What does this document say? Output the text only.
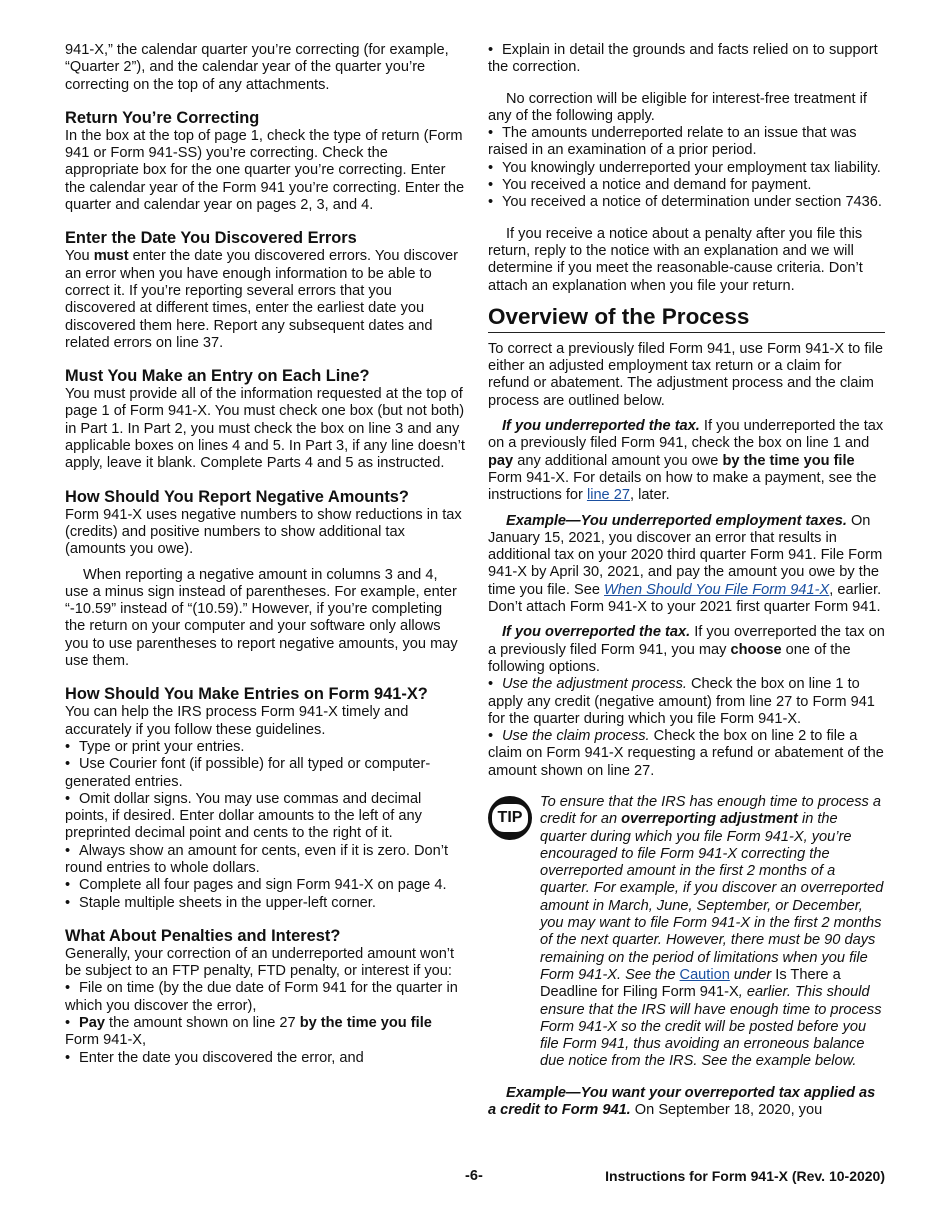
941-X,” the calendar quarter you’re correcting (for example, “Quarter 2”), and the calendar year of the quarter you’re correcting on the top of any attachments.

Return You’re Correcting

In the box at the top of page 1, check the type of return (Form 941 or Form 941-SS) you’re correcting. Check the appropriate box for the one quarter you’re correcting. Enter the calendar year of the Form 941 you’re correcting. Enter the quarter and calendar year on pages 2, 3, and 4.

Enter the Date You Discovered Errors

You must enter the date you discovered errors. You discover an error when you have enough information to be able to correct it. If you’re reporting several errors that you discovered at different times, enter the earliest date you discovered them here. Report any subsequent dates and related errors on line 37.

Must You Make an Entry on Each Line?

You must provide all of the information requested at the top of page 1 of Form 941-X. You must check one box (but not both) in Part 1. In Part 2, you must check the box on line 3 and any applicable boxes on lines 4 and 5. In Part 3, if any line doesn’t apply, leave it blank. Complete Parts 4 and 5 as instructed.

How Should You Report Negative Amounts?

Form 941-X uses negative numbers to show reductions in tax (credits) and positive numbers to show additional tax (amounts you owe).

When reporting a negative amount in columns 3 and 4, use a minus sign instead of parentheses. For example, enter “-10.59” instead of “(10.59).” However, if you’re completing the return on your computer and your software only allows you to use parentheses to report negative amounts, you may use them.

How Should You Make Entries on Form 941-X?

You can help the IRS process Form 941-X timely and accurately if you follow these guidelines.

• Type or print your entries.

• Use Courier font (if possible) for all typed or computer-generated entries.

• Omit dollar signs. You may use commas and decimal points, if desired. Enter dollar amounts to the left of any preprinted decimal point and cents to the right of it.

• Always show an amount for cents, even if it is zero. Don’t round entries to whole dollars.

• Complete all four pages and sign Form 941-X on page 4.

• Staple multiple sheets in the upper-left corner.

What About Penalties and Interest?

Generally, your correction of an underreported amount won’t be subject to an FTP penalty, FTD penalty, or interest if you:

• File on time (by the due date of Form 941 for the quarter in which you discover the error),

• Pay the amount shown on line 27 by the time you file Form 941-X,

• Enter the date you discovered the error, and

• Explain in detail the grounds and facts relied on to support the correction.

No correction will be eligible for interest-free treatment if any of the following apply.

• The amounts underreported relate to an issue that was raised in an examination of a prior period.

• You knowingly underreported your employment tax liability.

• You received a notice and demand for payment.

• You received a notice of determination under section 7436.

If you receive a notice about a penalty after you file this return, reply to the notice with an explanation and we will determine if you meet the reasonable-cause criteria. Don’t attach an explanation when you file your return.

Overview of the Process

To correct a previously filed Form 941, use Form 941-X to file either an adjusted employment tax return or a claim for refund or abatement. The adjustment process and the claim process are outlined below.

If you underreported the tax. If you underreported the tax on a previously filed Form 941, check the box on line 1 and pay any additional amount you owe by the time you file Form 941-X. For details on how to make a payment, see the instructions for line 27, later.

Example—You underreported employment taxes. On January 15, 2021, you discover an error that results in additional tax on your 2020 third quarter Form 941. File Form 941-X by April 30, 2021, and pay the amount you owe by the time you file. See When Should You File Form 941-X, earlier. Don’t attach Form 941-X to your 2021 first quarter Form 941.

If you overreported the tax. If you overreported the tax on a previously filed Form 941, you may choose one of the following options.

• Use the adjustment process. Check the box on line 1 to apply any credit (negative amount) from line 27 to Form 941 for the quarter during which you file Form 941-X.

• Use the claim process. Check the box on line 2 to file a claim on Form 941-X requesting a refund or abatement of the amount shown on line 27.

TIP

To ensure that the IRS has enough time to process a credit for an overreporting adjustment in the quarter during which you file Form 941-X, you’re encouraged to file Form 941-X correcting the overreported amount in the first 2 months of a quarter. For example, if you discover an overreported amount in March, June, September, or December, you may want to file Form 941-X in the first 2 months of the next quarter. However, there must be 90 days remaining on the period of limitations when you file Form 941-X. See the Caution under Is There a Deadline for Filing Form 941-X, earlier. This should ensure that the IRS will have enough time to process Form 941-X so the credit will be posted before you file Form 941, thus avoiding an erroneous balance due notice from the IRS. See the example below.

Example—You want your overreported tax applied as a credit to Form 941. On September 18, 2020, you

-6-	Instructions for Form 941-X (Rev. 10-2020)
